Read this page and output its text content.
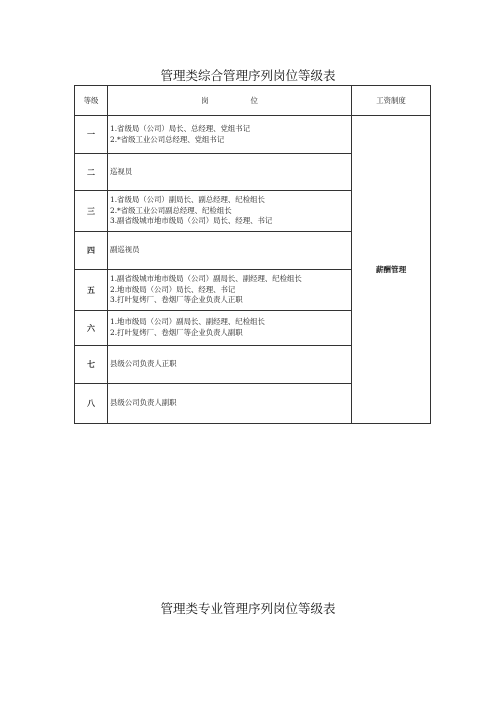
管理类综合管理序列岗位等级表
等级	岗 位	工资制度
一	1.省级局（公司）局长、总经理、党组书记
2.*省级工业公司总经理、党组书记	薪酬管理
二	巡视员	

三	1.省级局（公司）副局长、副总经理、纪检组长
2.*省级工业公司副总经理、纪检组长
3.副省级城市地市级局（公司）局长、经理、书记	

四	副巡视员	

五	1.副省级城市地市级局（公司）副局长、副经理、纪检组长
2.地市级局（公司）局长、经理、书记
3.打叶复烤厂、卷烟厂等企业负责人正职	

六	1.地市级局（公司）副局长、副经理、纪检组长
2.打叶复烤厂、卷烟厂等企业负责人副职	

七	县级公司负责人正职	

八	县级公司负责人副职	
管理类专业管理序列岗位等级表
